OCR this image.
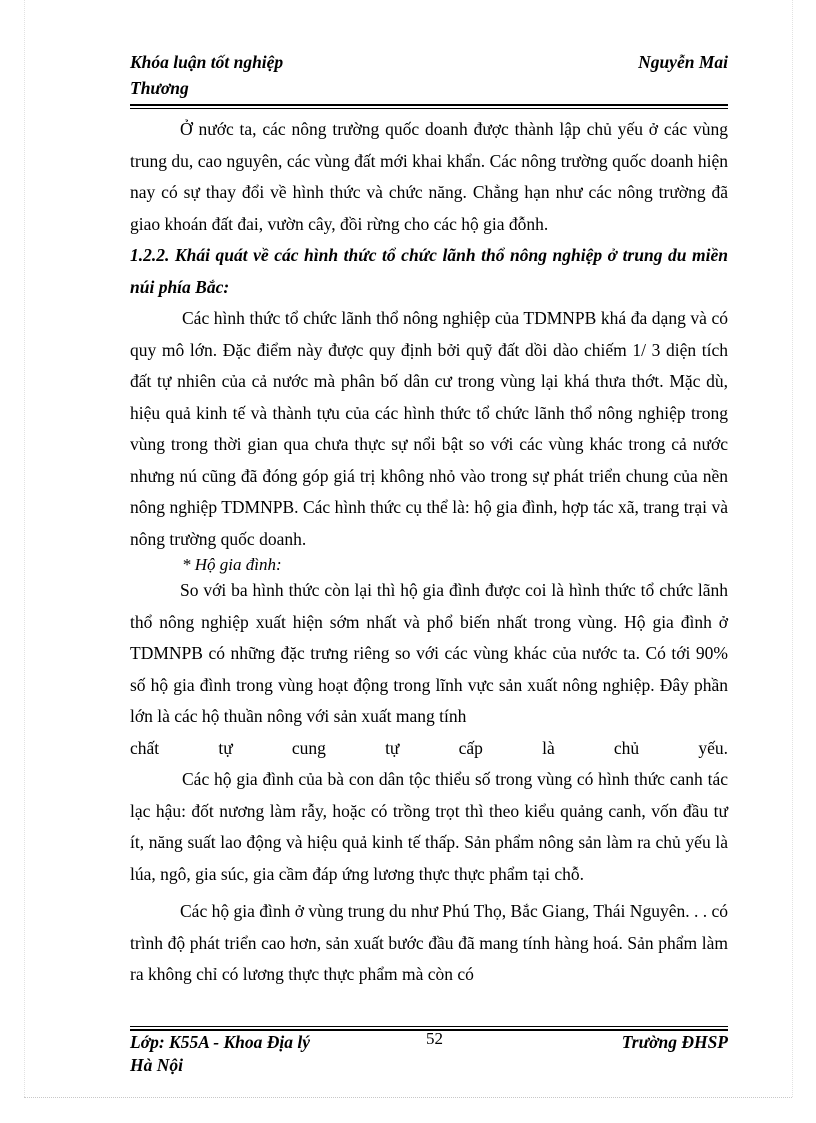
Khóa luận tốt nghiệp
Thương
Nguyễn Mai

Ở nước ta, các nông trường quốc doanh được thành lập chủ yếu ở các vùng trung du, cao nguyên, các vùng đất mới khai khẩn. Các nông trường quốc doanh hiện nay có sự thay đổi về hình thức và chức năng. Chẳng hạn như các nông trường đã giao khoán đất đai, vườn cây, đồi rừng cho các hộ gia đỗnh.

1.2.2. Khái quát về các hình thức tổ chức lãnh thổ nông nghiệp ở trung du miền núi phía Bắc:

Các hình thức tổ chức lãnh thổ nông nghiệp của TDMNPB khá đa dạng và có quy mô lớn. Đặc điểm này được quy định bởi quỹ đất dồi dào chiếm 1/ 3 diện tích đất tự nhiên của cả nước mà phân bố dân cư trong vùng lại khá thưa thớt. Mặc dù, hiệu quả kinh tế và thành tựu của các hình thức tổ chức lãnh thổ nông nghiệp trong vùng trong thời gian qua chưa thực sự nổi bật so với các vùng khác trong cả nước nhưng nú cũng đã đóng góp giá trị không nhỏ vào trong sự phát triển chung của nền nông nghiệp TDMNPB. Các hình thức cụ thể là: hộ gia đình, hợp tác xã, trang trại và nông trường quốc doanh.

* Hộ gia đình:

So với ba hình thức còn lại thì hộ gia đình được coi là hình thức tổ chức lãnh thổ nông nghiệp xuất hiện sớm nhất và phổ biến nhất trong vùng. Hộ gia đình ở TDMNPB có những đặc trưng riêng so với các vùng khác của nước ta. Có tới 90% số hộ gia đình trong vùng hoạt động trong lĩnh vực sản xuất nông nghiệp. Đây phần lớn là các hộ thuần nông với sản xuất mang tính

chất tự cung tự cấp là chủ yếu.

Các hộ gia đình của bà con dân tộc thiểu số trong vùng có hình thức canh tác lạc hậu: đốt nương làm rẫy, hoặc có trồng trọt thì theo kiểu quảng canh, vốn đầu tư ít, năng suất lao động và hiệu quả kinh tế thấp. Sản phẩm nông sản làm ra chủ yếu là lúa, ngô, gia súc, gia cầm đáp ứng lương thực thực phẩm tại chỗ.

Các hộ gia đình ở vùng trung du như Phú Thọ, Bắc Giang, Thái Nguyên. . . có trình độ phát triển cao hơn, sản xuất bước đầu đã mang tính hàng hoá. Sản phẩm làm ra không chỉ có lương thực thực phẩm mà còn có

Lớp: K55A - Khoa Địa lý
Hà Nội
52	Trường ĐHSP
